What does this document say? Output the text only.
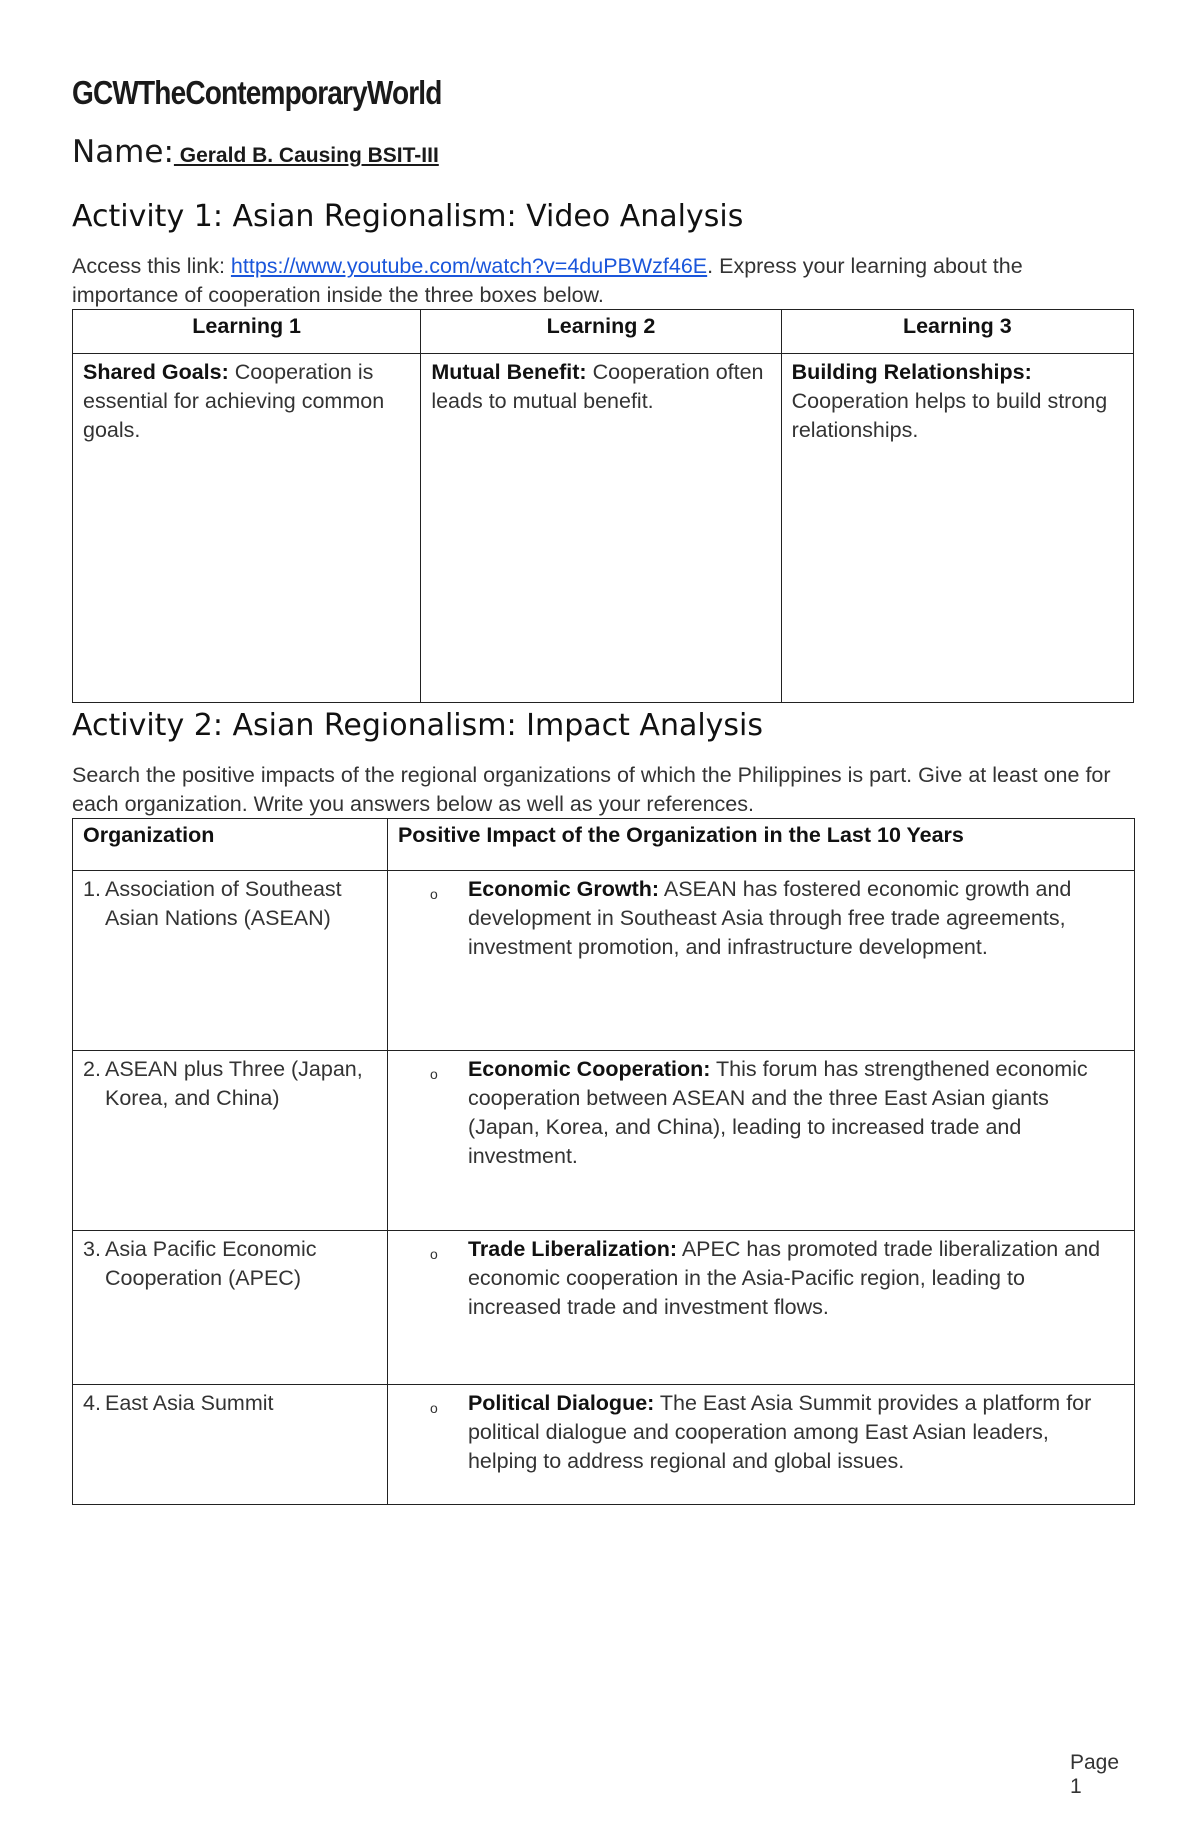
GCWTheContemporaryWorld
Name: Gerald B. Causing BSIT-III
Activity 1: Asian Regionalism: Video Analysis
Access this link: https://www.youtube.com/watch?v=4duPBWzf46E. Express your learning about the importance of cooperation inside the three boxes below.
Learning 1	Learning 2	Learning 3
Shared Goals: Cooperation is essential for achieving common goals.	Mutual Benefit: Cooperation often leads to mutual benefit.	Building Relationships: Cooperation helps to build strong relationships.
Activity 2: Asian Regionalism: Impact Analysis
Search the positive impacts of the regional organizations of which the Philippines is part. Give at least one for each organization. Write you answers below as well as your references.
Organization	Positive Impact of the Organization in the Last 10 Years
1. Association of Southeast Asian Nations (ASEAN)	o Economic Growth: ASEAN has fostered economic growth and development in Southeast Asia through free trade agreements, investment promotion, and infrastructure development.

2. ASEAN plus Three (Japan, Korea, and China)	o Economic Cooperation: This forum has strengthened economic cooperation between ASEAN and the three East Asian giants (Japan, Korea, and China), leading to increased trade and investment.

3. Asia Pacific Economic Cooperation (APEC)	o Trade Liberalization: APEC has promoted trade liberalization and economic cooperation in the Asia-Pacific region, leading to increased trade and investment flows.

4. East Asia Summit	o Political Dialogue: The East Asia Summit provides a platform for political dialogue and cooperation among East Asian leaders, helping to address regional and global issues.
Page 1
